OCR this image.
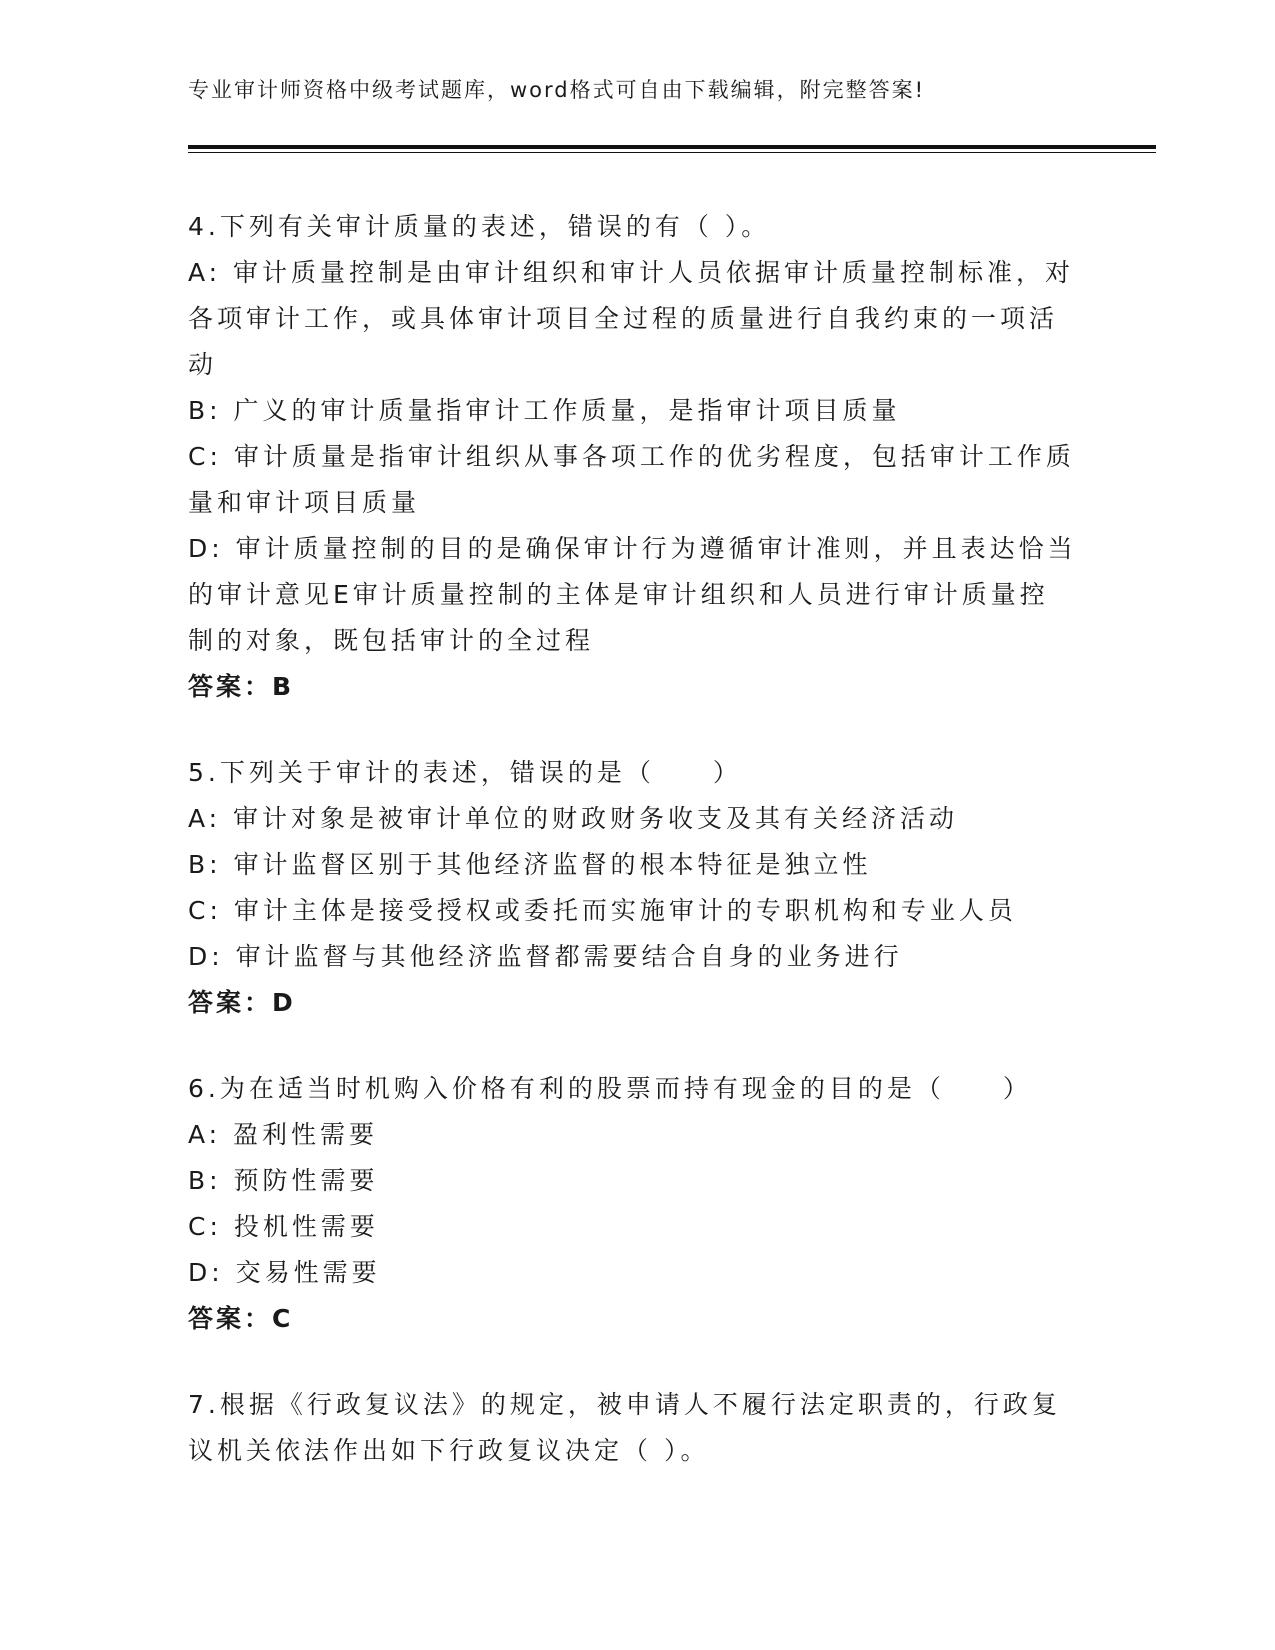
专业审计师资格中级考试题库，word格式可自由下载编辑，附完整答案!
4.下列有关审计质量的表述，错误的有（ ）。
A: 审计质量控制是由审计组织和审计人员依据审计质量控制标准，对
各项审计工作，或具体审计项目全过程的质量进行自我约束的一项活
动
B: 广义的审计质量指审计工作质量，是指审计项目质量
C: 审计质量是指审计组织从事各项工作的优劣程度，包括审计工作质
量和审计项目质量
D: 审计质量控制的目的是确保审计行为遵循审计准则，并且表达恰当
的审计意见E审计质量控制的主体是审计组织和人员进行审计质量控
制的对象，既包括审计的全过程
答案：B
5.下列关于审计的表述，错误的是（　　）
A: 审计对象是被审计单位的财政财务收支及其有关经济活动
B: 审计监督区别于其他经济监督的根本特征是独立性
C: 审计主体是接受授权或委托而实施审计的专职机构和专业人员
D: 审计监督与其他经济监督都需要结合自身的业务进行
答案：D
6.为在适当时机购入价格有利的股票而持有现金的目的是（　　）
A: 盈利性需要
B: 预防性需要
C: 投机性需要
D: 交易性需要
答案：C
7.根据《行政复议法》的规定，被申请人不履行法定职责的，行政复
议机关依法作出如下行政复议决定（ ）。
